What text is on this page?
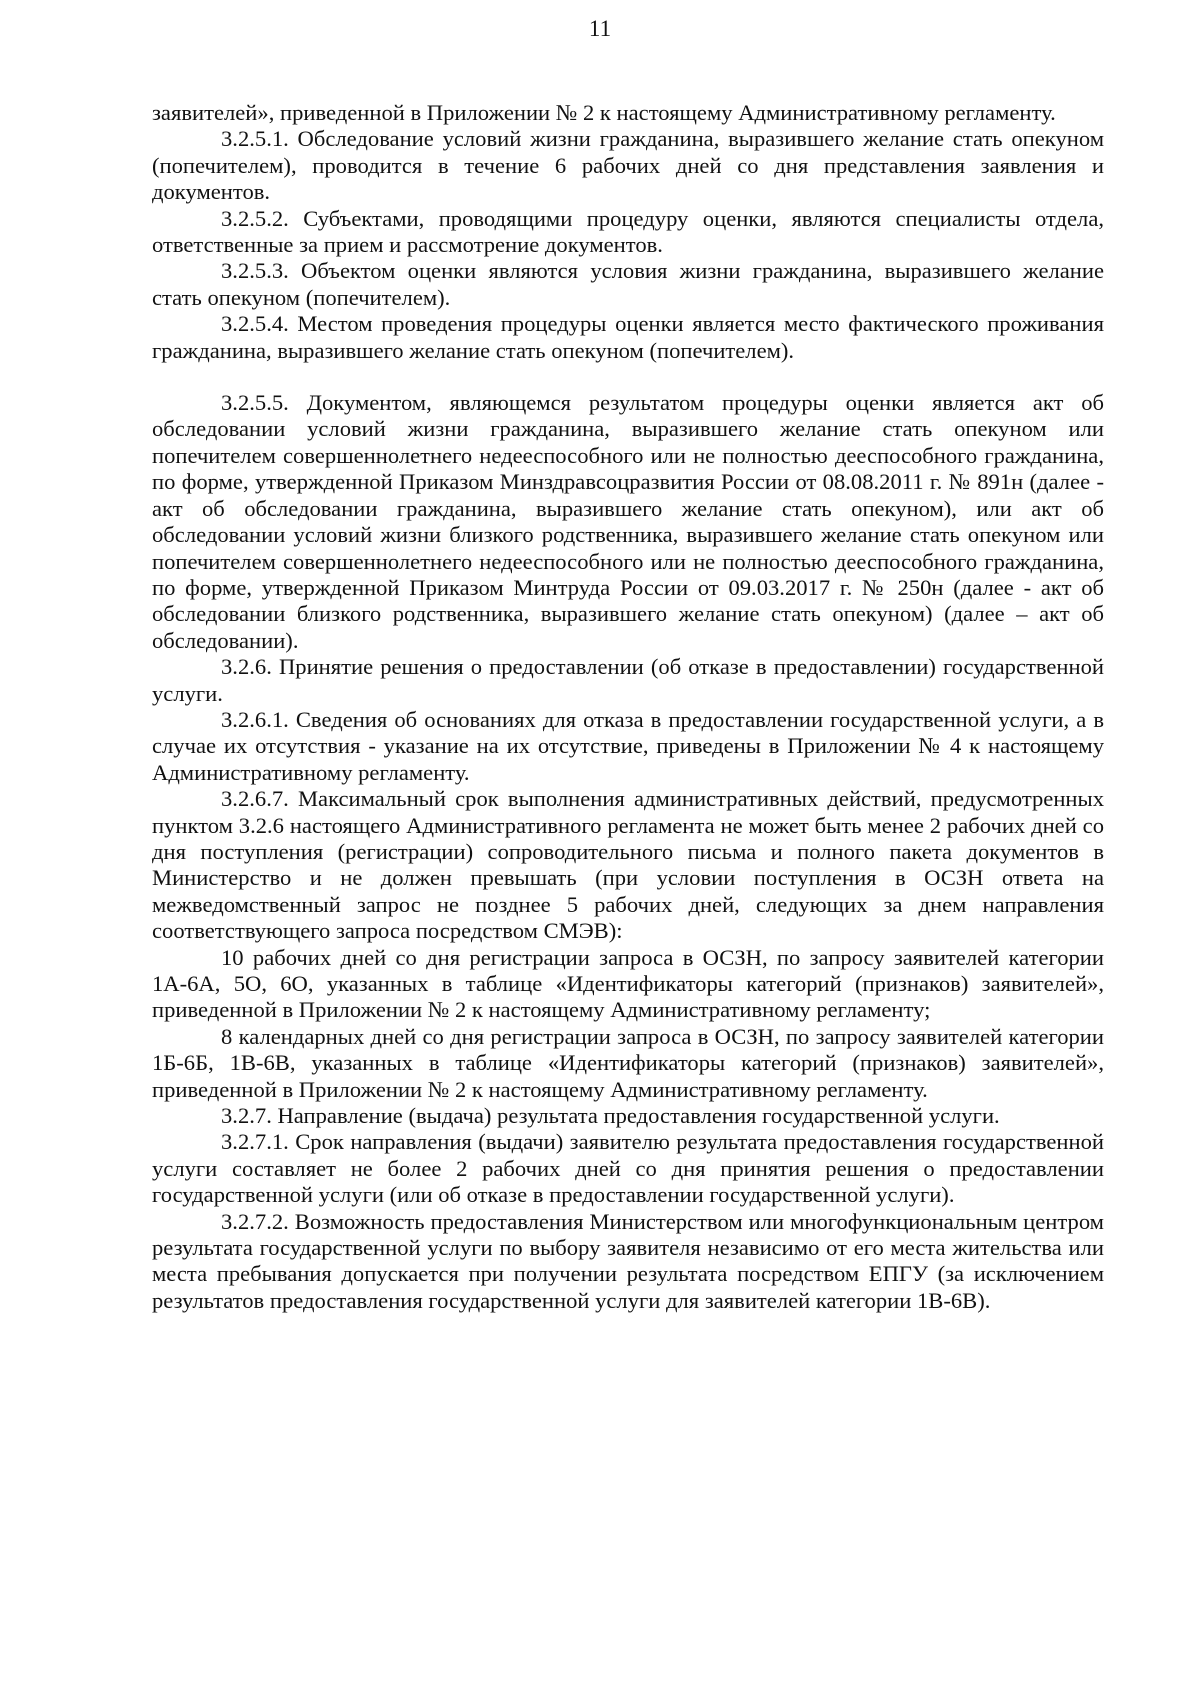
11

заявителей», приведенной в Приложении № 2 к настоящему Административному регламенту.

3.2.5.1. Обследование условий жизни гражданина, выразившего желание стать опекуном (попечителем), проводится в течение 6 рабочих дней со дня представления заявления и документов.

3.2.5.2. Субъектами, проводящими процедуру оценки, являются специалисты отдела, ответственные за прием и рассмотрение документов.

3.2.5.3. Объектом оценки являются условия жизни гражданина, выразившего желание стать опекуном (попечителем).

3.2.5.4. Местом проведения процедуры оценки является место фактического проживания гражданина, выразившего желание стать опекуном (попечителем).

3.2.5.5. Документом, являющемся результатом процедуры оценки является акт об обследовании условий жизни гражданина, выразившего желание стать опекуном или попечителем совершеннолетнего недееспособного или не полностью дееспособного гражданина, по форме, утвержденной Приказом Минздравсоцразвития России от 08.08.2011 г. № 891н (далее - акт об обследовании гражданина, выразившего желание стать опекуном), или акт об обследовании условий жизни близкого родственника, выразившего желание стать опекуном или попечителем совершеннолетнего недееспособного или не полностью дееспособного гражданина, по форме, утвержденной Приказом Минтруда России от 09.03.2017 г. № 250н (далее - акт об обследовании близкого родственника, выразившего желание стать опекуном) (далее – акт об обследовании).

3.2.6. Принятие решения о предоставлении (об отказе в предоставлении) государственной услуги.

3.2.6.1. Сведения об основаниях для отказа в предоставлении государственной услуги, а в случае их отсутствия - указание на их отсутствие, приведены в Приложении № 4 к настоящему Административному регламенту.

3.2.6.7. Максимальный срок выполнения административных действий, предусмотренных пунктом 3.2.6 настоящего Административного регламента не может быть менее 2 рабочих дней со дня поступления (регистрации) сопроводительного письма и полного пакета документов в Министерство и не должен превышать (при условии поступления в ОСЗН ответа на межведомственный запрос не позднее 5 рабочих дней, следующих за днем направления соответствующего запроса посредством СМЭВ):

10 рабочих дней со дня регистрации запроса в ОСЗН, по запросу заявителей категории 1А-6А, 5О, 6О, указанных в таблице «Идентификаторы категорий (признаков) заявителей», приведенной в Приложении № 2 к настоящему Административному регламенту;

8 календарных дней со дня регистрации запроса в ОСЗН, по запросу заявителей категории 1Б-6Б, 1В-6В, указанных в таблице «Идентификаторы категорий (признаков) заявителей», приведенной в Приложении № 2 к настоящему Административному регламенту.

3.2.7. Направление (выдача) результата предоставления государственной услуги.

3.2.7.1. Срок направления (выдачи) заявителю результата предоставления государственной услуги составляет не более 2 рабочих дней со дня принятия решения о предоставлении государственной услуги (или об отказе в предоставлении государственной услуги).

3.2.7.2. Возможность предоставления Министерством или многофункциональным центром результата государственной услуги по выбору заявителя независимо от его места жительства или места пребывания допускается при получении результата посредством ЕПГУ (за исключением результатов предоставления государственной услуги для заявителей категории 1В-6В).
